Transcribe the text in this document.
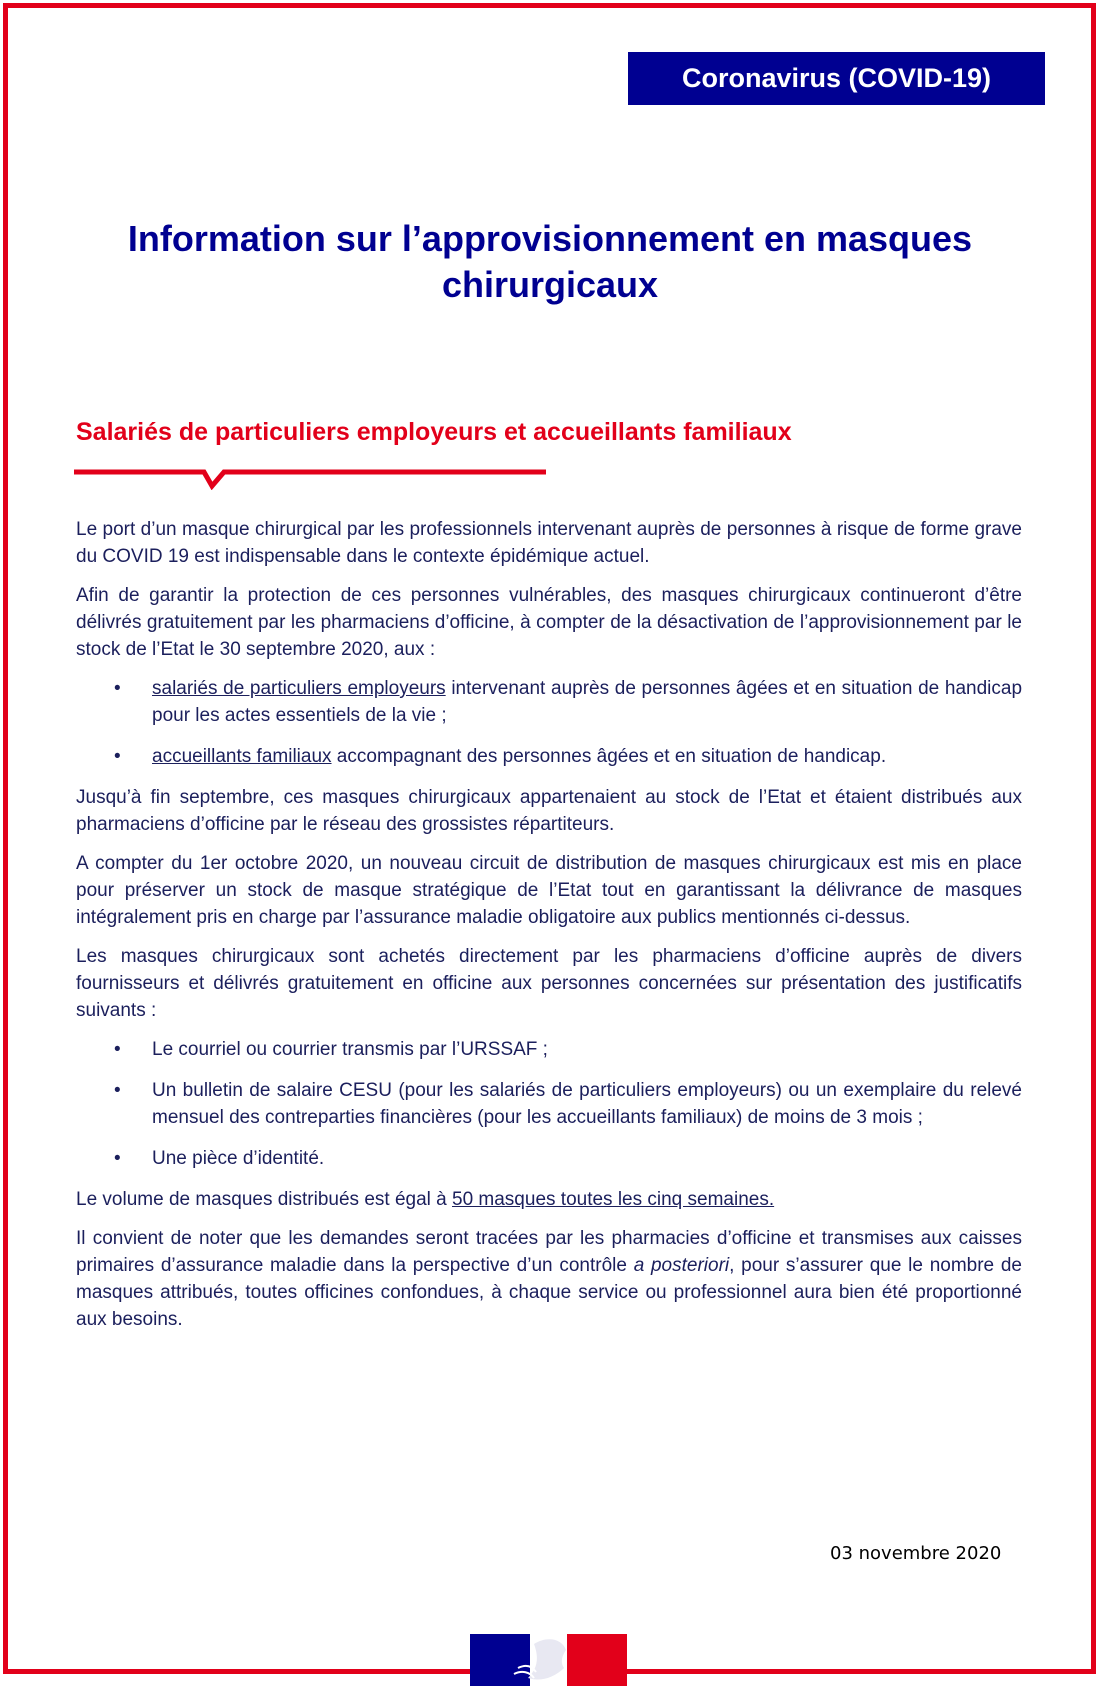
Coronavirus (COVID-19)
Information sur l’approvisionnement en masques chirurgicaux
Salariés de particuliers employeurs et accueillants familiaux

Le port d’un masque chirurgical par les professionnels intervenant auprès de personnes à risque de forme grave du COVID 19 est indispensable dans le contexte épidémique actuel.

Afin de garantir la protection de ces personnes vulnérables, des masques chirurgicaux continueront d’être délivrés gratuitement par les pharmaciens d’officine, à compter de la désactivation de l’approvisionnement par le stock de l’Etat le 30 septembre 2020, aux :

• salariés de particuliers employeurs intervenant auprès de personnes âgées et en situation de handicap pour les actes essentiels de la vie ;
• accueillants familiaux accompagnant des personnes âgées et en situation de handicap.

Jusqu’à fin septembre, ces masques chirurgicaux appartenaient au stock de l’Etat et étaient distribués aux pharmaciens d’officine par le réseau des grossistes répartiteurs.

A compter du 1er octobre 2020, un nouveau circuit de distribution de masques chirurgicaux est mis en place pour préserver un stock de masque stratégique de l’Etat tout en garantissant la délivrance de masques intégralement pris en charge par l’assurance maladie obligatoire aux publics mentionnés ci-dessus.

Les masques chirurgicaux sont achetés directement par les pharmaciens d’officine auprès de divers fournisseurs et délivrés gratuitement en officine aux personnes concernées sur présentation des justificatifs suivants :

• Le courriel ou courrier transmis par l’URSSAF ;
• Un bulletin de salaire CESU (pour les salariés de particuliers employeurs) ou un exemplaire du relevé mensuel des contreparties financières (pour les accueillants familiaux) de moins de 3 mois ;
• Une pièce d’identité.

Le volume de masques distribués est égal à 50 masques toutes les cinq semaines.

Il convient de noter que les demandes seront tracées par les pharmacies d’officine et transmises aux caisses primaires d’assurance maladie dans la perspective d’un contrôle a posteriori, pour s’assurer que le nombre de masques attribués, toutes officines confondues, à chaque service ou professionnel aura bien été proportionné aux besoins.

03 novembre 2020
